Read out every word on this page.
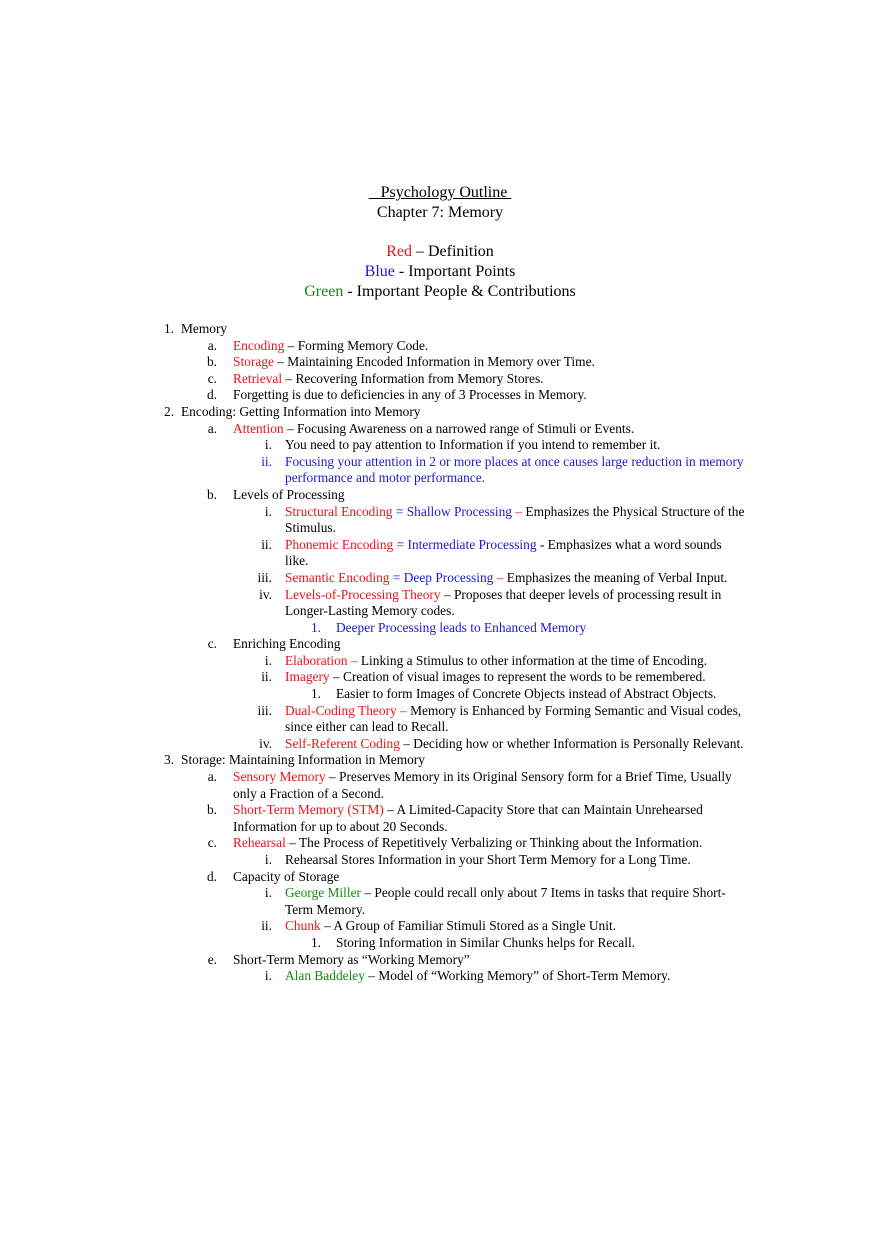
Psychology Outline
Chapter 7: Memory
Red – Definition
Blue - Important Points
Green - Important People & Contributions
1. Memory
a. Encoding – Forming Memory Code.
b. Storage – Maintaining Encoded Information in Memory over Time.
c. Retrieval – Recovering Information from Memory Stores.
d. Forgetting is due to deficiencies in any of 3 Processes in Memory.
2. Encoding: Getting Information into Memory
a. Attention – Focusing Awareness on a narrowed range of Stimuli or Events.
i. You need to pay attention to Information if you intend to remember it.
ii. Focusing your attention in 2 or more places at once causes large reduction in memory performance and motor performance.
b. Levels of Processing
i. Structural Encoding = Shallow Processing – Emphasizes the Physical Structure of the Stimulus.
ii. Phonemic Encoding = Intermediate Processing - Emphasizes what a word sounds like.
iii. Semantic Encoding = Deep Processing – Emphasizes the meaning of Verbal Input.
iv. Levels-of-Processing Theory – Proposes that deeper levels of processing result in Longer-Lasting Memory codes.
1. Deeper Processing leads to Enhanced Memory
c. Enriching Encoding
i. Elaboration – Linking a Stimulus to other information at the time of Encoding.
ii. Imagery – Creation of visual images to represent the words to be remembered.
1. Easier to form Images of Concrete Objects instead of Abstract Objects.
iii. Dual-Coding Theory – Memory is Enhanced by Forming Semantic and Visual codes, since either can lead to Recall.
iv. Self-Referent Coding – Deciding how or whether Information is Personally Relevant.
3. Storage: Maintaining Information in Memory
a. Sensory Memory – Preserves Memory in its Original Sensory form for a Brief Time, Usually only a Fraction of a Second.
b. Short-Term Memory (STM) – A Limited-Capacity Store that can Maintain Unrehearsed Information for up to about 20 Seconds.
c. Rehearsal – The Process of Repetitively Verbalizing or Thinking about the Information.
i. Rehearsal Stores Information in your Short Term Memory for a Long Time.
d. Capacity of Storage
i. George Miller – People could recall only about 7 Items in tasks that require Short-Term Memory.
ii. Chunk – A Group of Familiar Stimuli Stored as a Single Unit.
1. Storing Information in Similar Chunks helps for Recall.
e. Short-Term Memory as “Working Memory”
i. Alan Baddeley – Model of “Working Memory” of Short-Term Memory.
